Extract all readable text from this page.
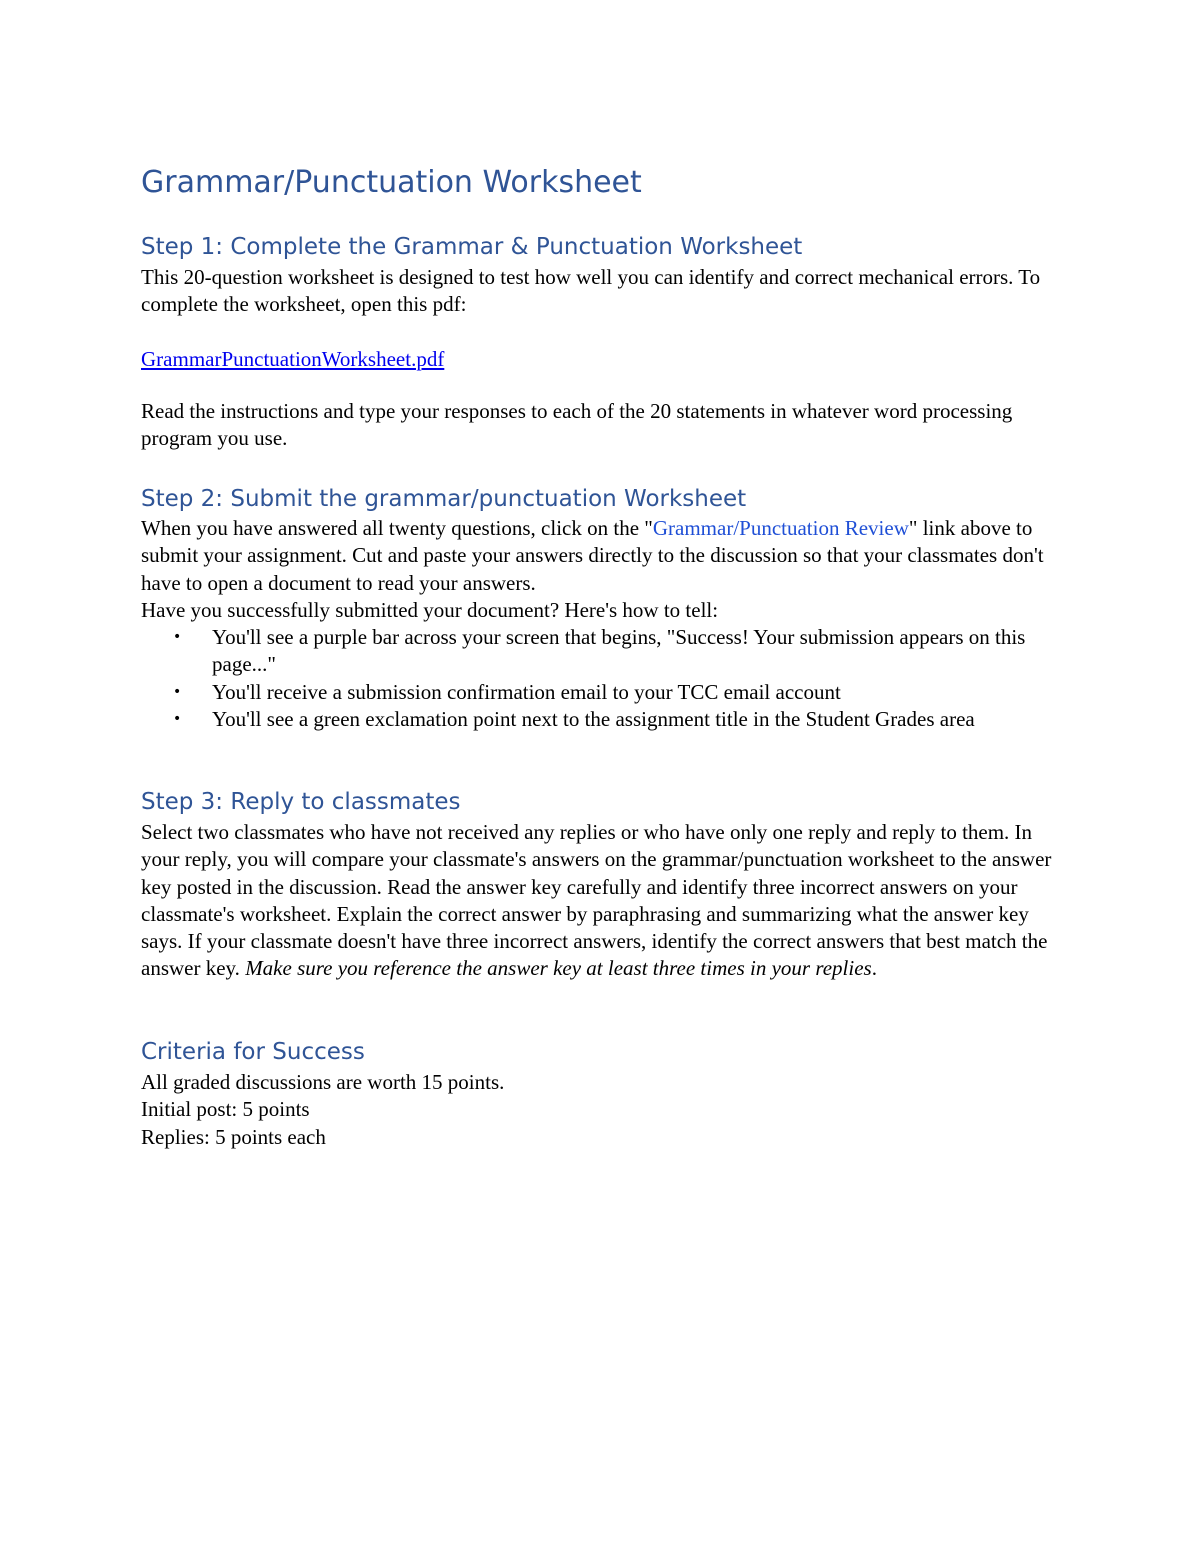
Grammar/Punctuation Worksheet
Step 1: Complete the Grammar & Punctuation Worksheet

This 20-question worksheet is designed to test how well you can identify and correct mechanical errors. To complete the worksheet, open this pdf:

GrammarPunctuationWorksheet.pdf

Read the instructions and type your responses to each of the 20 statements in whatever word processing program you use.

Step 2: Submit the grammar/punctuation Worksheet

When you have answered all twenty questions, click on the "Grammar/Punctuation Review" link above to submit your assignment. Cut and paste your answers directly to the discussion so that your classmates don't have to open a document to read your answers.

Have you successfully submitted your document? Here's how to tell:

• You'll see a purple bar across your screen that begins, "Success! Your submission appears on this page..."
• You'll receive a submission confirmation email to your TCC email account
• You'll see a green exclamation point next to the assignment title in the Student Grades area
Step 3: Reply to classmates

Select two classmates who have not received any replies or who have only one reply and reply to them. In your reply, you will compare your classmate's answers on the grammar/punctuation worksheet to the answer key posted in the discussion. Read the answer key carefully and identify three incorrect answers on your classmate's worksheet. Explain the correct answer by paraphrasing and summarizing what the answer key says. If your classmate doesn't have three incorrect answers, identify the correct answers that best match the answer key. Make sure you reference the answer key at least three times in your replies.

Criteria for Success

All graded discussions are worth 15 points.

Initial post: 5 points

Replies: 5 points each
